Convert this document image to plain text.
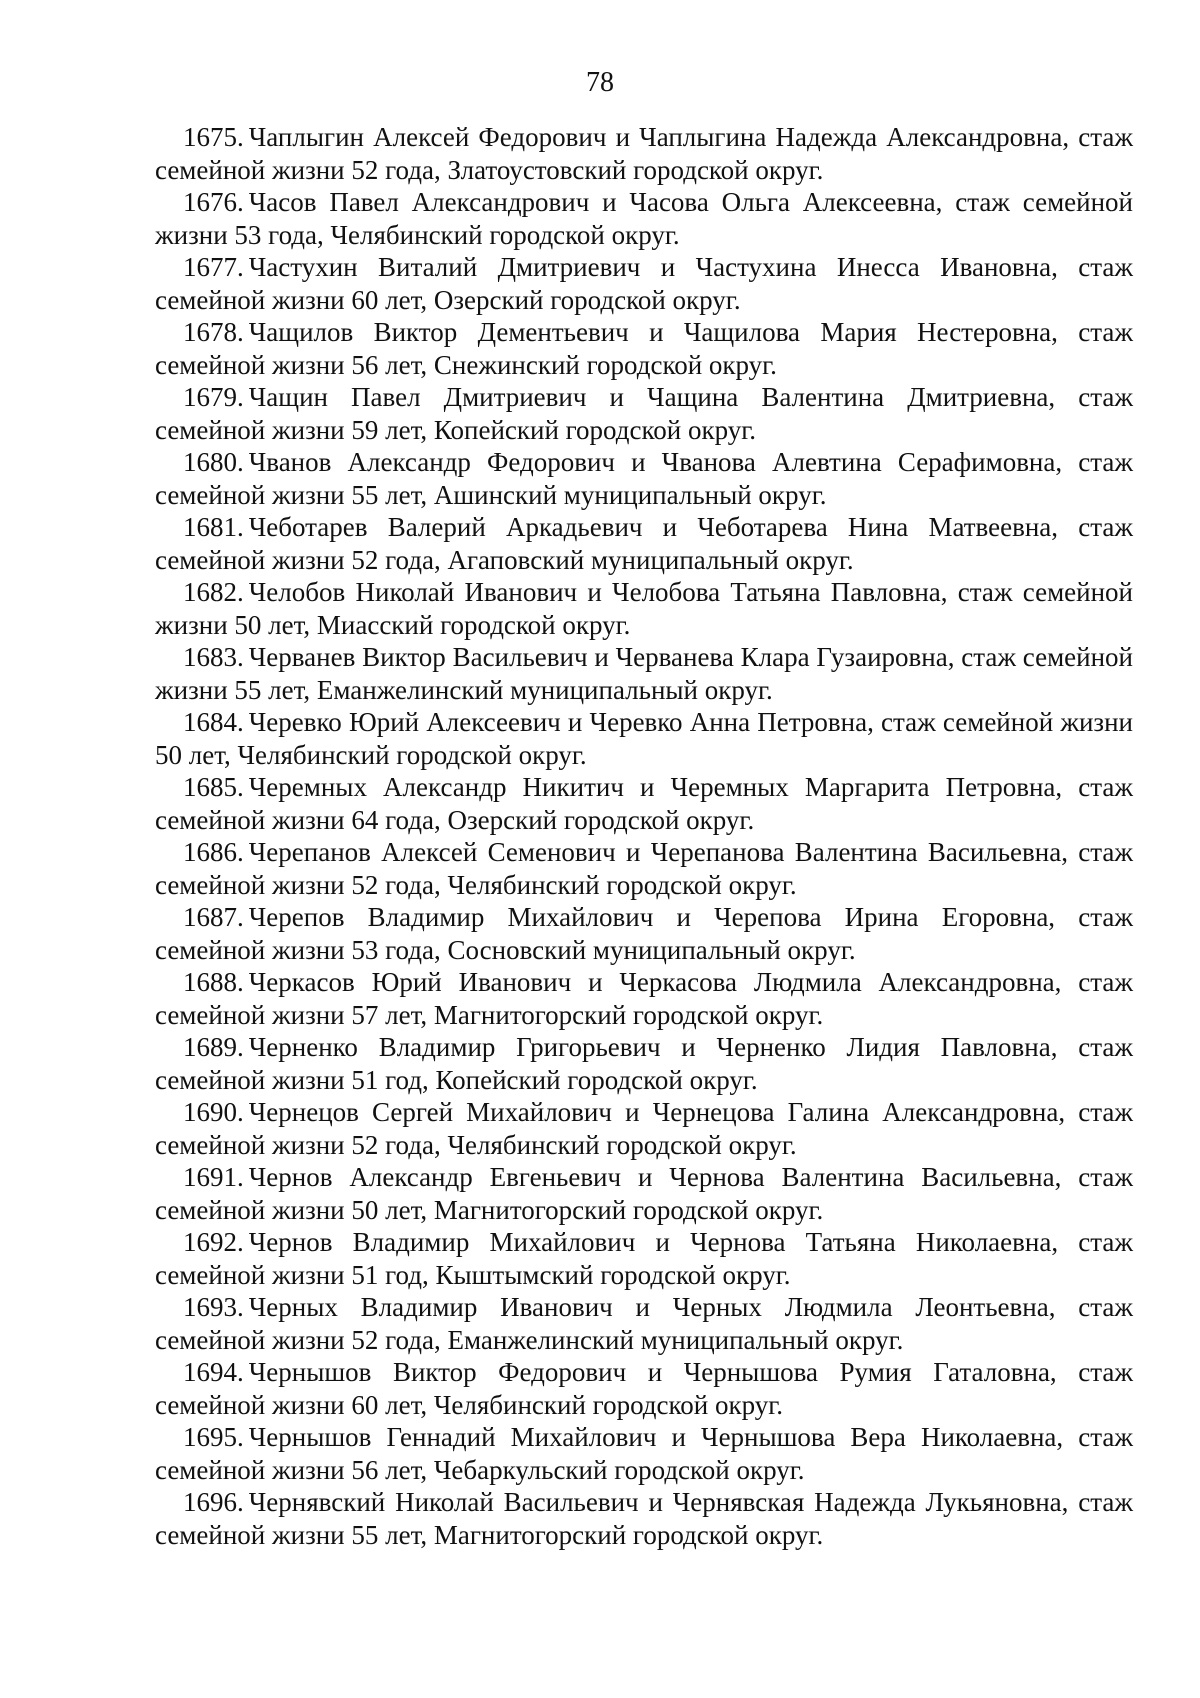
78

1675. Чаплыгин Алексей Федорович и Чаплыгина Надежда Александровна, стаж семейной жизни 52 года, Златоустовский городской округ.

1676. Часов Павел Александрович и Часова Ольга Алексеевна, стаж семейной жизни 53 года, Челябинский городской округ.

1677. Частухин Виталий Дмитриевич и Частухина Инесса Ивановна, стаж семейной жизни 60 лет, Озерский городской округ.

1678. Чащилов Виктор Дементьевич и Чащилова Мария Нестеровна, стаж семейной жизни 56 лет, Снежинский городской округ.

1679. Чащин Павел Дмитриевич и Чащина Валентина Дмитриевна, стаж семейной жизни 59 лет, Копейский городской округ.

1680. Чванов Александр Федорович и Чванова Алевтина Серафимовна, стаж семейной жизни 55 лет, Ашинский муниципальный округ.

1681. Чеботарев Валерий Аркадьевич и Чеботарева Нина Матвеевна, стаж семейной жизни 52 года, Агаповский муниципальный округ.

1682. Челобов Николай Иванович и Челобова Татьяна Павловна, стаж семейной жизни 50 лет, Миасский городской округ.

1683. Черванев Виктор Васильевич и Черванева Клара Гузаировна, стаж семейной жизни 55 лет, Еманжелинский муниципальный округ.

1684. Черевко Юрий Алексеевич и Черевко Анна Петровна, стаж семейной жизни 50 лет, Челябинский городской округ.

1685. Черемных Александр Никитич и Черемных Маргарита Петровна, стаж семейной жизни 64 года, Озерский городской округ.

1686. Черепанов Алексей Семенович и Черепанова Валентина Васильевна, стаж семейной жизни 52 года, Челябинский городской округ.

1687. Черепов Владимир Михайлович и Черепова Ирина Егоровна, стаж семейной жизни 53 года, Сосновский муниципальный округ.

1688. Черкасов Юрий Иванович и Черкасова Людмила Александровна, стаж семейной жизни 57 лет, Магнитогорский городской округ.

1689. Черненко Владимир Григорьевич и Черненко Лидия Павловна, стаж семейной жизни 51 год, Копейский городской округ.

1690. Чернецов Сергей Михайлович и Чернецова Галина Александровна, стаж семейной жизни 52 года, Челябинский городской округ.

1691. Чернов Александр Евгеньевич и Чернова Валентина Васильевна, стаж семейной жизни 50 лет, Магнитогорский городской округ.

1692. Чернов Владимир Михайлович и Чернова Татьяна Николаевна, стаж семейной жизни 51 год, Кыштымский городской округ.

1693. Черных Владимир Иванович и Черных Людмила Леонтьевна, стаж семейной жизни 52 года, Еманжелинский муниципальный округ.

1694. Чернышов Виктор Федорович и Чернышова Румия Гаталовна, стаж семейной жизни 60 лет, Челябинский городской округ.

1695. Чернышов Геннадий Михайлович и Чернышова Вера Николаевна, стаж семейной жизни 56 лет, Чебаркульский городской округ.

1696. Чернявский Николай Васильевич и Чернявская Надежда Лукьяновна, стаж семейной жизни 55 лет, Магнитогорский городской округ.
